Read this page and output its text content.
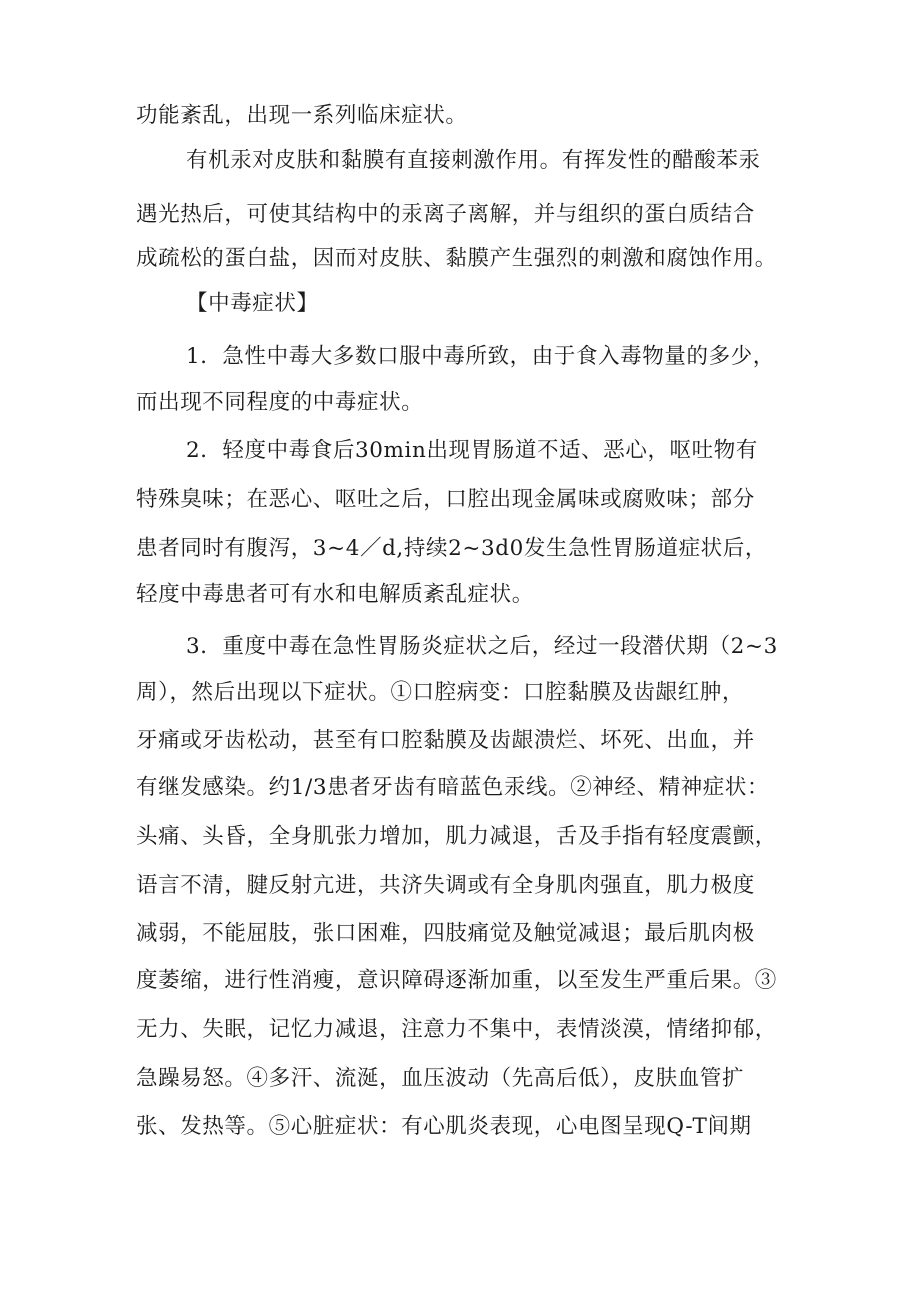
功能紊乱，出现一系列临床症状。
有机汞对皮肤和黏膜有直接刺激作用。有挥发性的醋酸苯汞
遇光热后，可使其结构中的汞离子离解，并与组织的蛋白质结合
成疏松的蛋白盐，因而对皮肤、黏膜产生强烈的刺激和腐蚀作用。
【中毒症状】
1．急性中毒大多数口服中毒所致，由于食入毒物量的多少，
而出现不同程度的中毒症状。
2．轻度中毒食后30min出现胃肠道不适、恶心，呕吐物有
特殊臭味；在恶心、呕吐之后，口腔出现金属味或腐败味；部分
患者同时有腹泻，3~4／d,持续2~3d0发生急性胃肠道症状后，
轻度中毒患者可有水和电解质紊乱症状。
3．重度中毒在急性胃肠炎症状之后，经过一段潜伏期（2~3
周），然后出现以下症状。①口腔病变：口腔黏膜及齿龈红肿，
牙痛或牙齿松动，甚至有口腔黏膜及齿龈溃烂、坏死、出血，并
有继发感染。约1/3患者牙齿有暗蓝色汞线。②神经、精神症状：
头痛、头昏，全身肌张力增加，肌力减退，舌及手指有轻度震颤，
语言不清，腱反射亢进，共济失调或有全身肌肉强直，肌力极度
减弱，不能屈肢，张口困难，四肢痛觉及触觉减退；最后肌肉极
度萎缩，进行性消瘦，意识障碍逐渐加重，以至发生严重后果。③
无力、失眠，记忆力减退，注意力不集中，表情淡漠，情绪抑郁，
急躁易怒。④多汗、流涎，血压波动（先高后低），皮肤血管扩
张、发热等。⑤心脏症状：有心肌炎表现，心电图呈现Q-T间期
